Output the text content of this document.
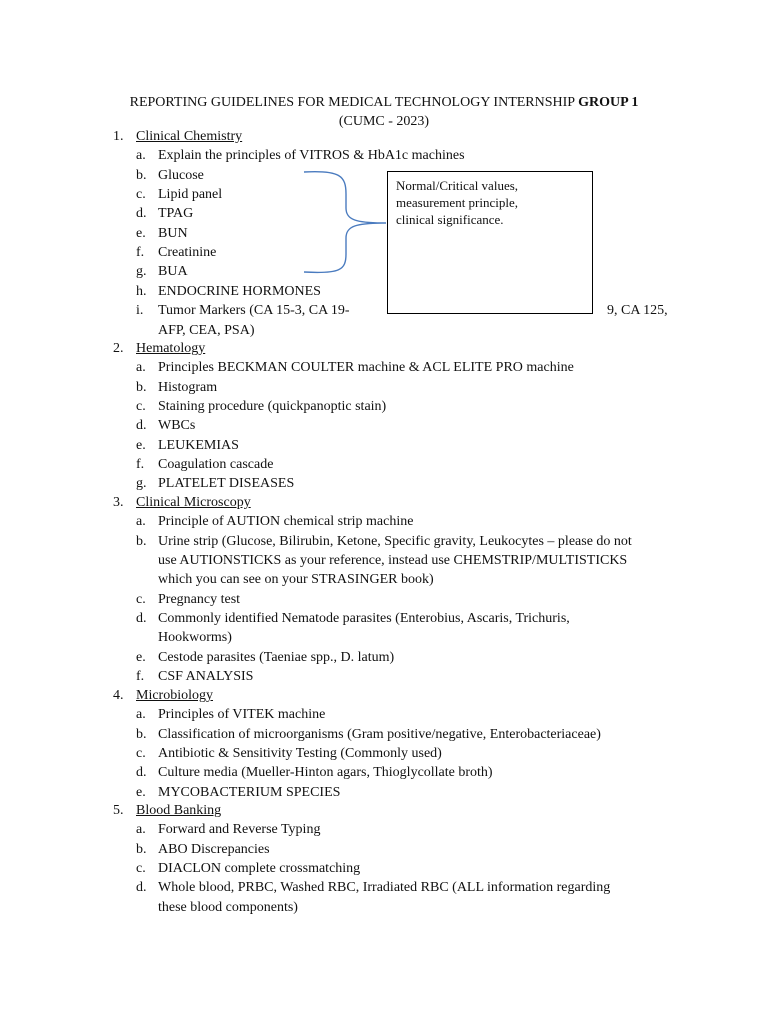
REPORTING GUIDELINES FOR MEDICAL TECHNOLOGY INTERNSHIP GROUP 1
(CUMC - 2023)
Normal/Critical values,
measurement principle,
clinical significance.
1. Clinical Chemistry
a. Explain the principles of VITROS & HbA1c machines
b. Glucose
c. Lipid panel
d. TPAG
e. BUN
f. Creatinine
g. BUA
h. ENDOCRINE HORMONES
i. Tumor Markers (CA 15-3, CA 19-	9, CA 125,
AFP, CEA, PSA)
2. Hematology
a. Principles BECKMAN COULTER machine & ACL ELITE PRO machine
b. Histogram
c. Staining procedure (quickpanoptic stain)
d. WBCs
e. LEUKEMIAS
f. Coagulation cascade
g. PLATELET DISEASES
3. Clinical Microscopy
a. Principle of AUTION chemical strip machine
b. Urine strip (Glucose, Bilirubin, Ketone, Specific gravity, Leukocytes – please do not
use AUTIONSTICKS as your reference, instead use CHEMSTRIP/MULTISTICKS
which you can see on your STRASINGER book)
c. Pregnancy test
d. Commonly identified Nematode parasites (Enterobius, Ascaris, Trichuris,
Hookworms)
e. Cestode parasites (Taeniae spp., D. latum)
f. CSF ANALYSIS
4. Microbiology
a. Principles of VITEK machine
b. Classification of microorganisms (Gram positive/negative, Enterobacteriaceae)
c. Antibiotic & Sensitivity Testing (Commonly used)
d. Culture media (Mueller-Hinton agars, Thioglycollate broth)
e. MYCOBACTERIUM SPECIES
5. Blood Banking
a. Forward and Reverse Typing
b. ABO Discrepancies
c. DIACLON complete crossmatching
d. Whole blood, PRBC, Washed RBC, Irradiated RBC (ALL information regarding
these blood components)
